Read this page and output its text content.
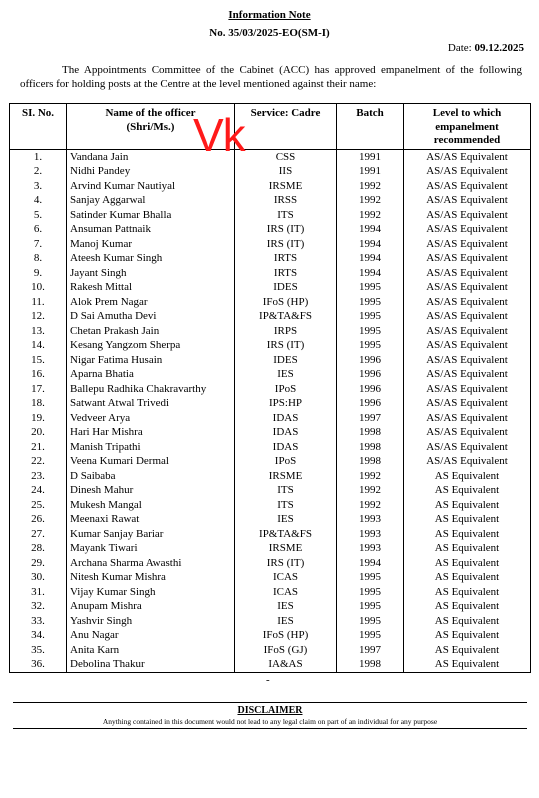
Information Note
No. 35/03/2025-EO(SM-I)
Date: 09.12.2025
The Appointments Committee of the Cabinet (ACC) has approved empanelment of the following officers for holding posts at the Centre at the level mentioned against their name:
SI. No.	Name of the officer (Shri/Ms.)	Service: Cadre	Batch	Level to which empanelment recommended
1.	Vandana Jain	CSS	1991	AS/AS Equivalent
2.	Nidhi Pandey	IIS	1991	AS/AS Equivalent
3.	Arvind Kumar Nautiyal	IRSME	1992	AS/AS Equivalent
4.	Sanjay Aggarwal	IRSS	1992	AS/AS Equivalent
5.	Satinder Kumar Bhalla	ITS	1992	AS/AS Equivalent
6.	Ansuman Pattnaik	IRS (IT)	1994	AS/AS Equivalent
7.	Manoj Kumar	IRS (IT)	1994	AS/AS Equivalent
8.	Ateesh Kumar Singh	IRTS	1994	AS/AS Equivalent
9.	Jayant Singh	IRTS	1994	AS/AS Equivalent
10.	Rakesh Mittal	IDES	1995	AS/AS Equivalent
11.	Alok Prem Nagar	IFoS (HP)	1995	AS/AS Equivalent
12.	D Sai Amutha Devi	IP&TA&FS	1995	AS/AS Equivalent
13.	Chetan Prakash Jain	IRPS	1995	AS/AS Equivalent
14.	Kesang Yangzom Sherpa	IRS (IT)	1995	AS/AS Equivalent
15.	Nigar Fatima Husain	IDES	1996	AS/AS Equivalent
16.	Aparna Bhatia	IES	1996	AS/AS Equivalent
17.	Ballepu Radhika Chakravarthy	IPoS	1996	AS/AS Equivalent
18.	Satwant Atwal Trivedi	IPS:HP	1996	AS/AS Equivalent
19.	Vedveer Arya	IDAS	1997	AS/AS Equivalent
20.	Hari Har Mishra	IDAS	1998	AS/AS Equivalent
21.	Manish Tripathi	IDAS	1998	AS/AS Equivalent
22.	Veena Kumari Dermal	IPoS	1998	AS/AS Equivalent
23.	D Saibaba	IRSME	1992	AS Equivalent
24.	Dinesh Mahur	ITS	1992	AS Equivalent
25.	Mukesh Mangal	ITS	1992	AS Equivalent
26.	Meenaxi Rawat	IES	1993	AS Equivalent
27.	Kumar Sanjay Bariar	IP&TA&FS	1993	AS Equivalent
28.	Mayank Tiwari	IRSME	1993	AS Equivalent
29.	Archana Sharma Awasthi	IRS (IT)	1994	AS Equivalent
30.	Nitesh Kumar Mishra	ICAS	1995	AS Equivalent
31.	Vijay Kumar Singh	ICAS	1995	AS Equivalent
32.	Anupam Mishra	IES	1995	AS Equivalent
33.	Yashvir Singh	IES	1995	AS Equivalent
34.	Anu Nagar	IFoS (HP)	1995	AS Equivalent
35.	Anita Karn	IFoS (GJ)	1997	AS Equivalent
36.	Debolina Thakur	IA&AS	1998	AS Equivalent
Vk
-
DISCLAIMER
Anything contained in this document would not lead to any legal claim on part of an individual for any purpose
